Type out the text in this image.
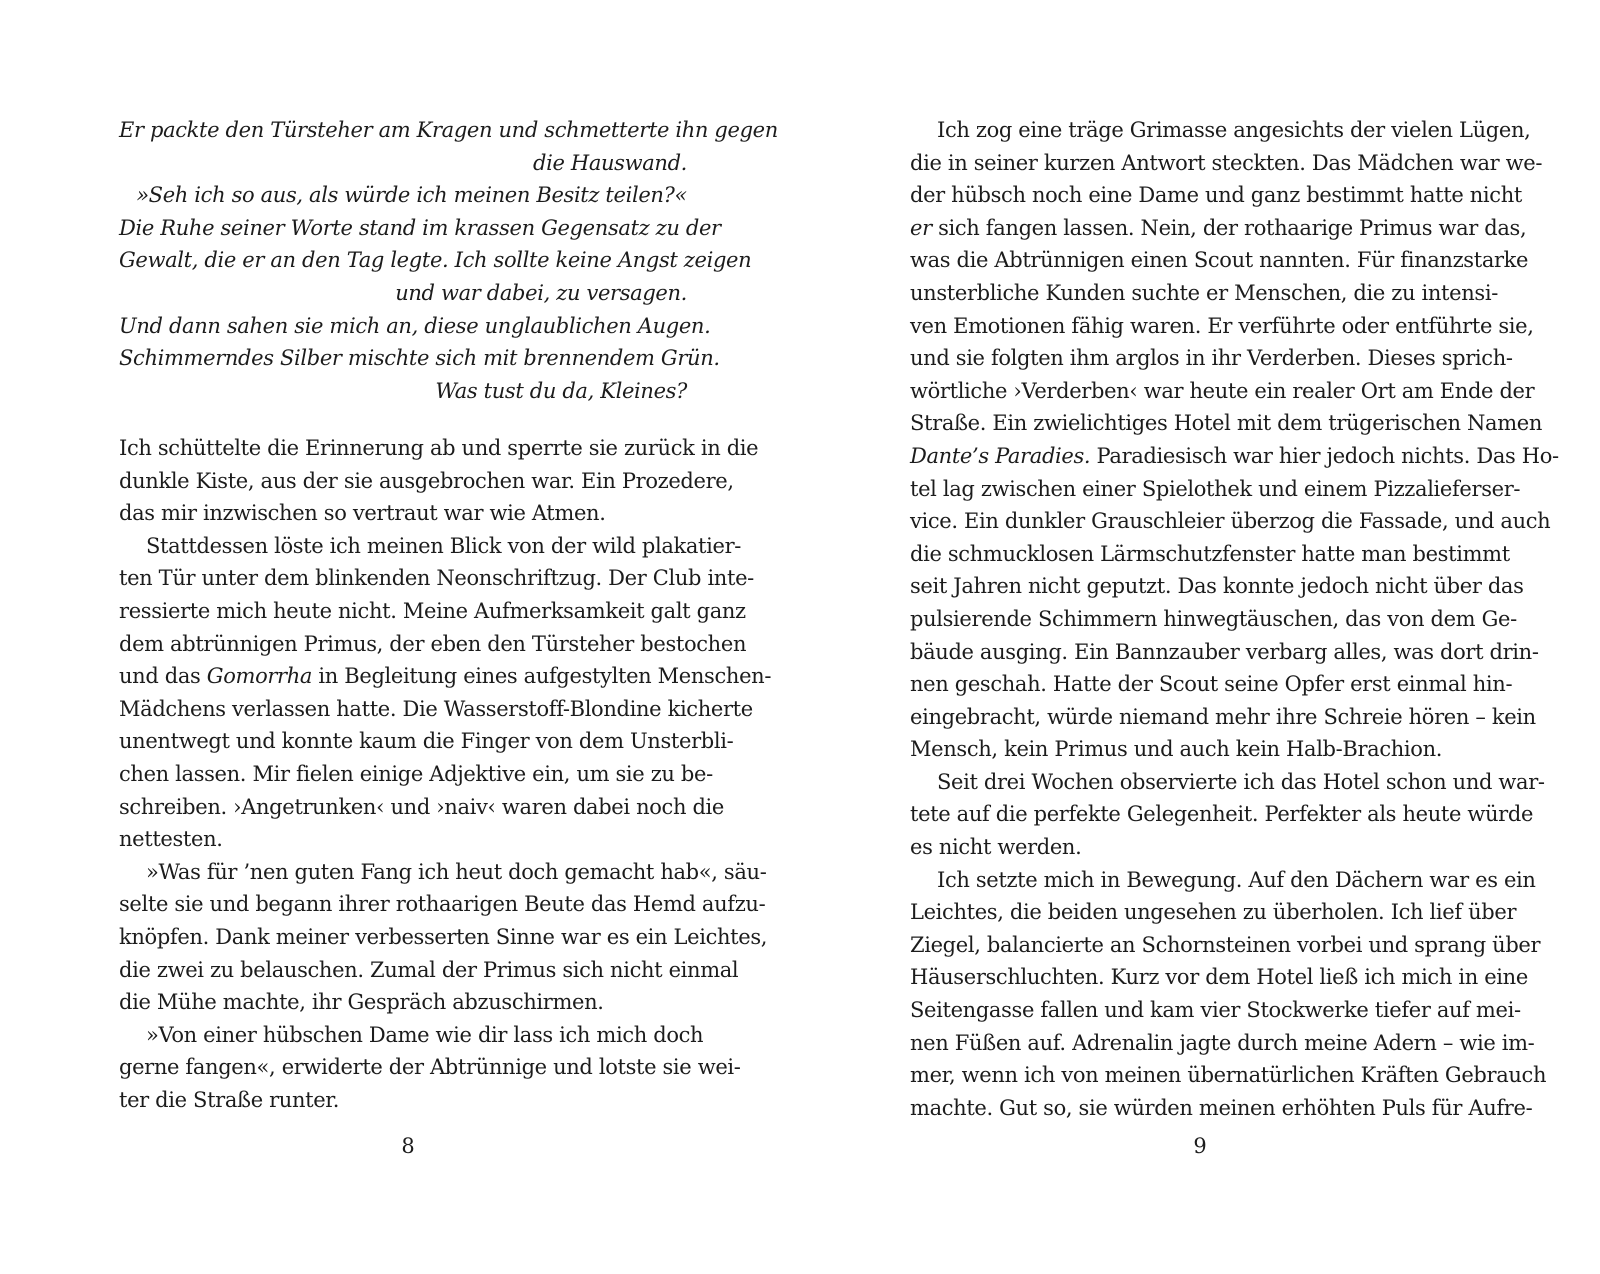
Er packte den Türsteher am Kragen und schmetterte ihn gegen
die Hauswand.
»Seh ich so aus, als würde ich meinen Besitz teilen?«
Die Ruhe seiner Worte stand im krassen Gegensatz zu der
Gewalt, die er an den Tag legte. Ich sollte keine Angst zeigen
und war dabei, zu versagen.
Und dann sahen sie mich an, diese unglaublichen Augen.
Schimmerndes Silber mischte sich mit brennendem Grün.
Was tust du da, Kleines?
Ich schüttelte die Erinnerung ab und sperrte sie zurück in die
dunkle Kiste, aus der sie ausgebrochen war. Ein Prozedere,
das mir inzwischen so vertraut war wie Atmen.
Stattdessen löste ich meinen Blick von der wild plakatier-
ten Tür unter dem blinkenden Neonschriftzug. Der Club inte-
ressierte mich heute nicht. Meine Aufmerksamkeit galt ganz
dem abtrünnigen Primus, der eben den Türsteher bestochen
und das Gomorrha in Begleitung eines aufgestylten Menschen-
Mädchens verlassen hatte. Die Wasserstoff-Blondine kicherte
unentwegt und konnte kaum die Finger von dem Unsterbli-
chen lassen. Mir fielen einige Adjektive ein, um sie zu be-
schreiben. ›Angetrunken‹ und ›naiv‹ waren dabei noch die
nettesten.
»Was für ’nen guten Fang ich heut doch gemacht hab«, säu-
selte sie und begann ihrer rothaarigen Beute das Hemd aufzu-
knöpfen. Dank meiner verbesserten Sinne war es ein Leichtes,
die zwei zu belauschen. Zumal der Primus sich nicht einmal
die Mühe machte, ihr Gespräch abzuschirmen.
»Von einer hübschen Dame wie dir lass ich mich doch
gerne fangen«, erwiderte der Abtrünnige und lotste sie wei-
ter die Straße runter.
8
Ich zog eine träge Grimasse angesichts der vielen Lügen,
die in seiner kurzen Antwort steckten. Das Mädchen war we-
der hübsch noch eine Dame und ganz bestimmt hatte nicht
er sich fangen lassen. Nein, der rothaarige Primus war das,
was die Abtrünnigen einen Scout nannten. Für finanzstarke
unsterbliche Kunden suchte er Menschen, die zu intensi-
ven Emotionen fähig waren. Er verführte oder entführte sie,
und sie folgten ihm arglos in ihr Verderben. Dieses sprich-
wörtliche ›Verderben‹ war heute ein realer Ort am Ende der
Straße. Ein zwielichtiges Hotel mit dem trügerischen Namen
Dante’s Paradies. Paradiesisch war hier jedoch nichts. Das Ho-
tel lag zwischen einer Spielothek und einem Pizzalieferser-
vice. Ein dunkler Grauschleier überzog die Fassade, und auch
die schmucklosen Lärmschutzfenster hatte man bestimmt
seit Jahren nicht geputzt. Das konnte jedoch nicht über das
pulsierende Schimmern hinwegtäuschen, das von dem Ge-
bäude ausging. Ein Bannzauber verbarg alles, was dort drin-
nen geschah. Hatte der Scout seine Opfer erst einmal hin-
eingebracht, würde niemand mehr ihre Schreie hören – kein
Mensch, kein Primus und auch kein Halb-Brachion.
Seit drei Wochen observierte ich das Hotel schon und war-
tete auf die perfekte Gelegenheit. Perfekter als heute würde
es nicht werden.
Ich setzte mich in Bewegung. Auf den Dächern war es ein
Leichtes, die beiden ungesehen zu überholen. Ich lief über
Ziegel, balancierte an Schornsteinen vorbei und sprang über
Häuserschluchten. Kurz vor dem Hotel ließ ich mich in eine
Seitengasse fallen und kam vier Stockwerke tiefer auf mei-
nen Füßen auf. Adrenalin jagte durch meine Adern – wie im-
mer, wenn ich von meinen übernatürlichen Kräften Gebrauch
machte. Gut so, sie würden meinen erhöhten Puls für Aufre-
9
